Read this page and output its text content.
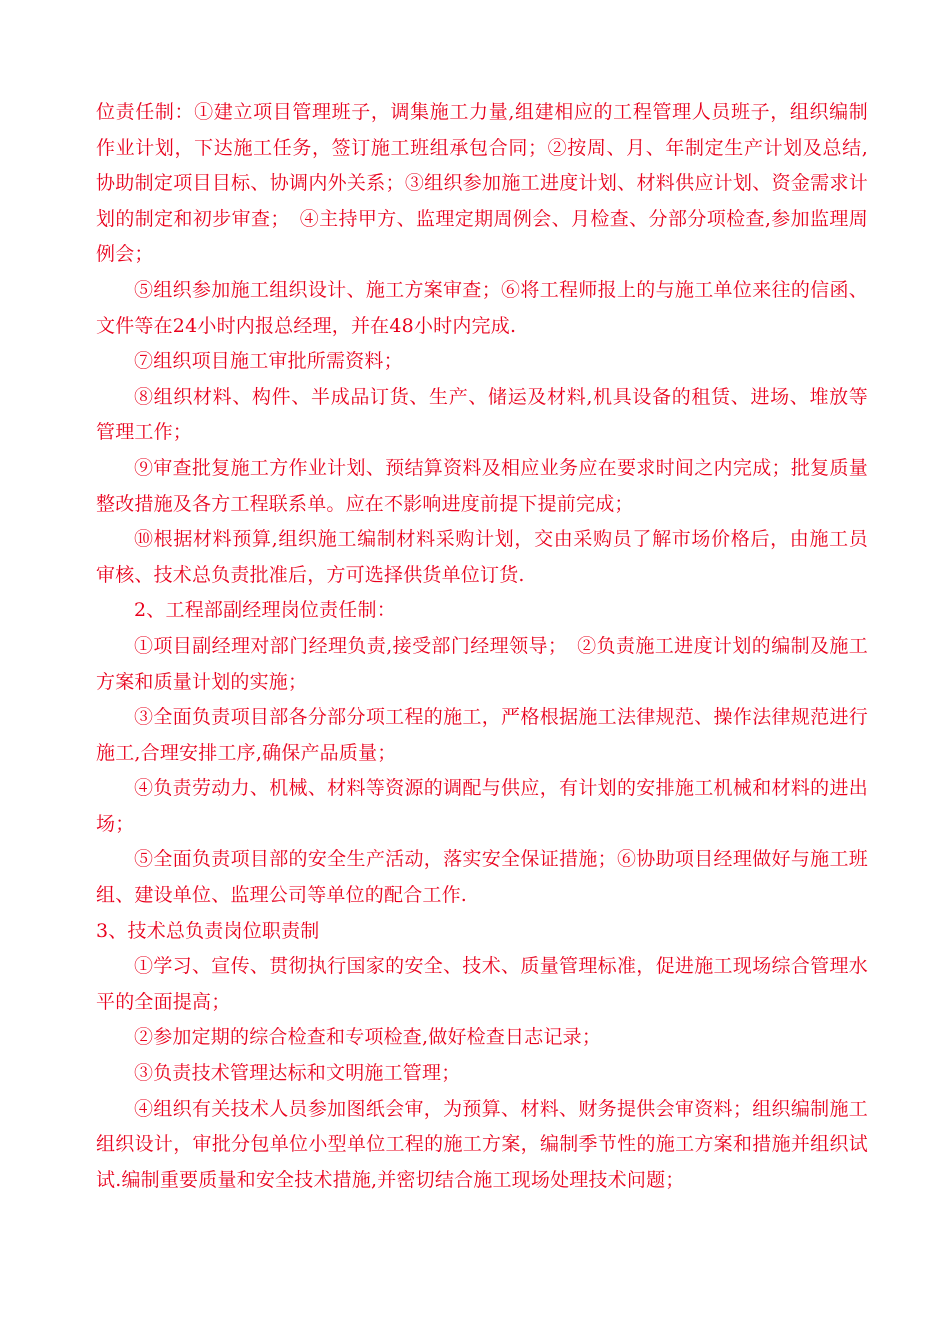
位责任制：①建立项目管理班子，调集施工力量,组建相应的工程管理人员班子，组织编制作业计划，下达施工任务，签订施工班组承包合同；②按周、月、年制定生产计划及总结,协助制定项目目标、协调内外关系；③组织参加施工进度计划、材料供应计划、资金需求计划的制定和初步审查；　④主持甲方、监理定期周例会、月检查、分部分项检查,参加监理周例会；

⑤组织参加施工组织设计、施工方案审查；⑥将工程师报上的与施工单位来往的信函、文件等在24小时内报总经理，并在48小时内完成.

⑦组织项目施工审批所需资料；

⑧组织材料、构件、半成品订货、生产、储运及材料,机具设备的租赁、进场、堆放等管理工作；

⑨审查批复施工方作业计划、预结算资料及相应业务应在要求时间之内完成；批复质量整改措施及各方工程联系单。应在不影响进度前提下提前完成；

⑩根据材料预算,组织施工编制材料采购计划，交由采购员了解市场价格后，由施工员审核、技术总负责批准后，方可选择供货单位订货.

2、工程部副经理岗位责任制：

①项目副经理对部门经理负责,接受部门经理领导；　②负责施工进度计划的编制及施工方案和质量计划的实施；

③全面负责项目部各分部分项工程的施工，严格根据施工法律规范、操作法律规范进行施工,合理安排工序,确保产品质量；

④负责劳动力、机械、材料等资源的调配与供应，有计划的安排施工机械和材料的进出场；

⑤全面负责项目部的安全生产活动，落实安全保证措施；⑥协助项目经理做好与施工班组、建设单位、监理公司等单位的配合工作.

3、技术总负责岗位职责制

①学习、宣传、贯彻执行国家的安全、技术、质量管理标准，促进施工现场综合管理水平的全面提高；

②参加定期的综合检查和专项检查,做好检查日志记录；

③负责技术管理达标和文明施工管理；

④组织有关技术人员参加图纸会审，为预算、材料、财务提供会审资料；组织编制施工组织设计，审批分包单位小型单位工程的施工方案，编制季节性的施工方案和措施并组织试试.编制重要质量和安全技术措施,并密切结合施工现场处理技术问题；
